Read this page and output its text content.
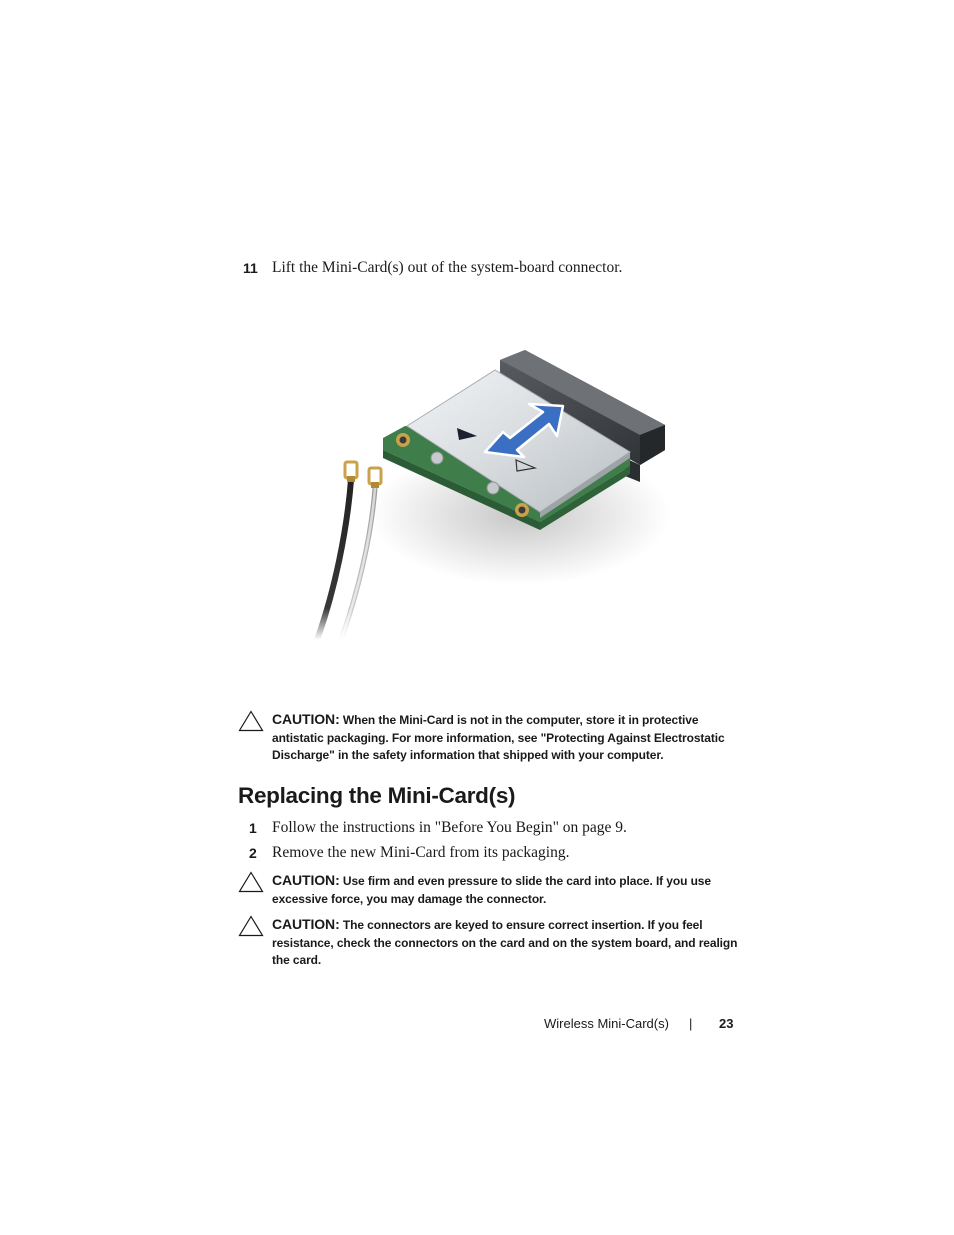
11 Lift the Mini-Card(s) out of the system-board connector.
CAUTION: When the Mini-Card is not in the computer, store it in protective
antistatic packaging. For more information, see "Protecting Against Electrostatic
Discharge" in the safety information that shipped with your computer.
Replacing the Mini-Card(s)
1 Follow the instructions in "Before You Begin" on page 9.
2 Remove the new Mini-Card from its packaging.
CAUTION: Use firm and even pressure to slide the card into place. If you use
excessive force, you may damage the connector.
CAUTION: The connectors are keyed to ensure correct insertion. If you feel
resistance, check the connectors on the card and on the system board, and realign
the card.
Wireless Mini-Card(s) | 23
